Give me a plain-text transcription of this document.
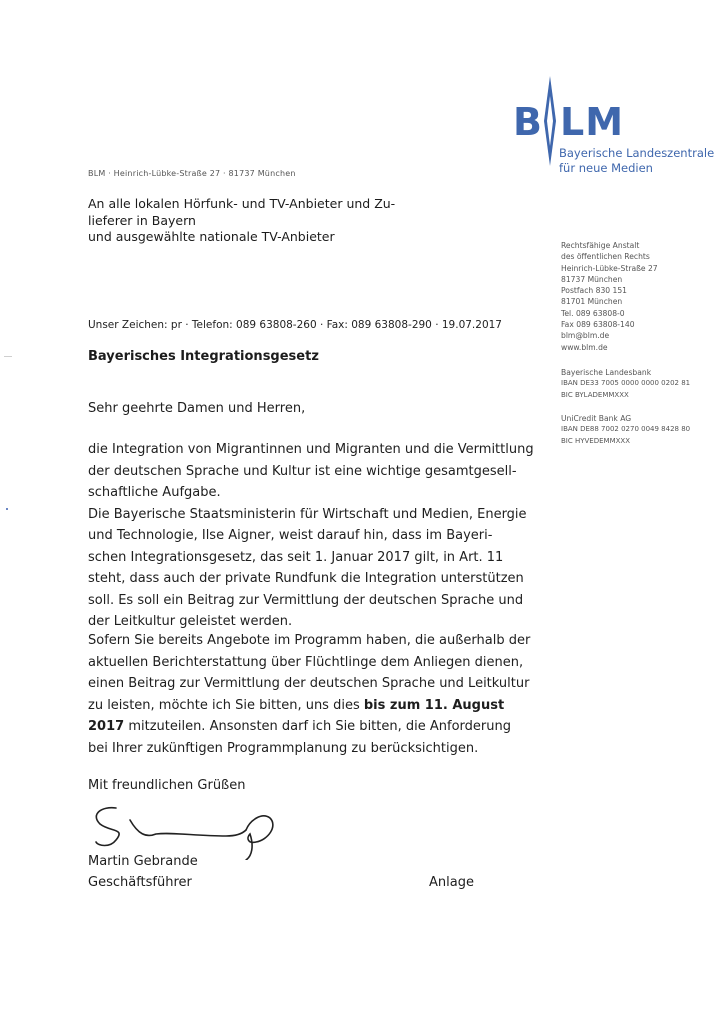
B LM
Bayerische Landeszentrale
für neue Medien
BLM · Heinrich-Lübke-Straße 27 · 81737 München
An alle lokalen Hörfunk- und TV-Anbieter und Zu-
lieferer in Bayern
und ausgewählte nationale TV-Anbieter
Rechtsfähige Anstalt
des öffentlichen Rechts
Heinrich-Lübke-Straße 27
81737 München
Postfach 830 151
81701 München
Tel. 089 63808-0
Fax 089 63808-140
blm@blm.de
www.blm.de
Bayerische Landesbank
IBAN DE33 7005 0000 0000 0202 81
BIC BYLADEMMXXX
UniCredit Bank AG
IBAN DE88 7002 0270 0049 8428 80
BIC HYVEDEMMXXX
Unser Zeichen: pr · Telefon: 089 63808-260 · Fax: 089 63808-290 · 19.07.2017
Bayerisches Integrationsgesetz
Sehr geehrte Damen und Herren,
die Integration von Migrantinnen und Migranten und die Vermittlung
der deutschen Sprache und Kultur ist eine wichtige gesamtgesell-
schaftliche Aufgabe.
Die Bayerische Staatsministerin für Wirtschaft und Medien, Energie
und Technologie, Ilse Aigner, weist darauf hin, dass im Bayeri-
schen Integrationsgesetz, das seit 1. Januar 2017 gilt, in Art. 11
steht, dass auch der private Rundfunk die Integration unterstützen
soll. Es soll ein Beitrag zur Vermittlung der deutschen Sprache und
der Leitkultur geleistet werden.
Sofern Sie bereits Angebote im Programm haben, die außerhalb der
aktuellen Berichterstattung über Flüchtlinge dem Anliegen dienen,
einen Beitrag zur Vermittlung der deutschen Sprache und Leitkultur
zu leisten, möchte ich Sie bitten, uns dies bis zum 11. August
2017 mitzuteilen. Ansonsten darf ich Sie bitten, die Anforderung
bei Ihrer zukünftigen Programmplanung zu berücksichtigen.
Mit freundlichen Grüßen
Martin Gebrande
Geschäftsführer	Anlage
